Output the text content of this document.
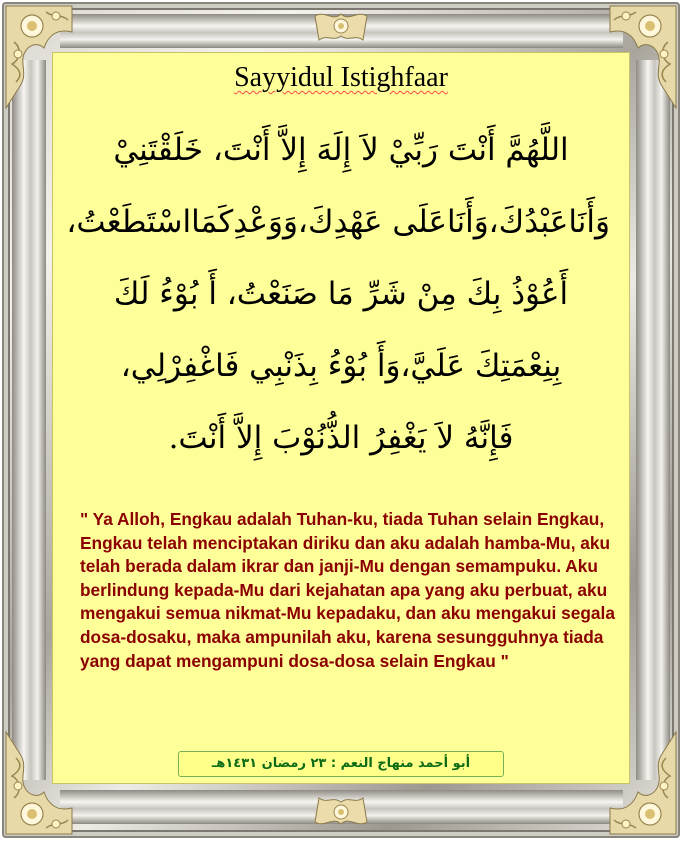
Sayyidul Istighfaar
اللَّهُمَّ أَنْتَ رَبِّيْ لاَ إِلَهَ إِلاَّ أَنْتَ، خَلَقْتَنِيْ
وَأَنَاعَبْدُكَ،وَأَنَاعَلَى عَهْدِكَ،وَوَعْدِكَمَااسْتَطَعْتُ،
أَعُوْذُ بِكَ مِنْ شَرِّ مَا صَنَعْتُ، أَ بُوْءُ لَكَ
بِنِعْمَتِكَ عَلَيَّ،وَأَ بُوْءُ بِذَنْبِي فَاغْفِرْلِي،
فَإِنَّهُ لاَ يَغْفِرُ الذُّنُوْبَ إِلاَّ أَنْتَ.

" Ya Alloh, Engkau adalah Tuhan-ku, tiada Tuhan selain Engkau, Engkau telah menciptakan diriku dan aku adalah hamba-Mu, aku telah berada dalam ikrar dan janji-Mu dengan semampuku. Aku berlindung kepada-Mu dari kejahatan apa yang aku perbuat, aku mengakui semua nikmat-Mu kepadaku, dan aku mengakui segala dosa-dosaku, maka ampunilah aku, karena sesungguhnya tiada yang dapat mengampuni dosa-dosa selain Engkau "

أبو أحمد منهاج النعم : ٢٣ رمضان ١٤٣١هـ
